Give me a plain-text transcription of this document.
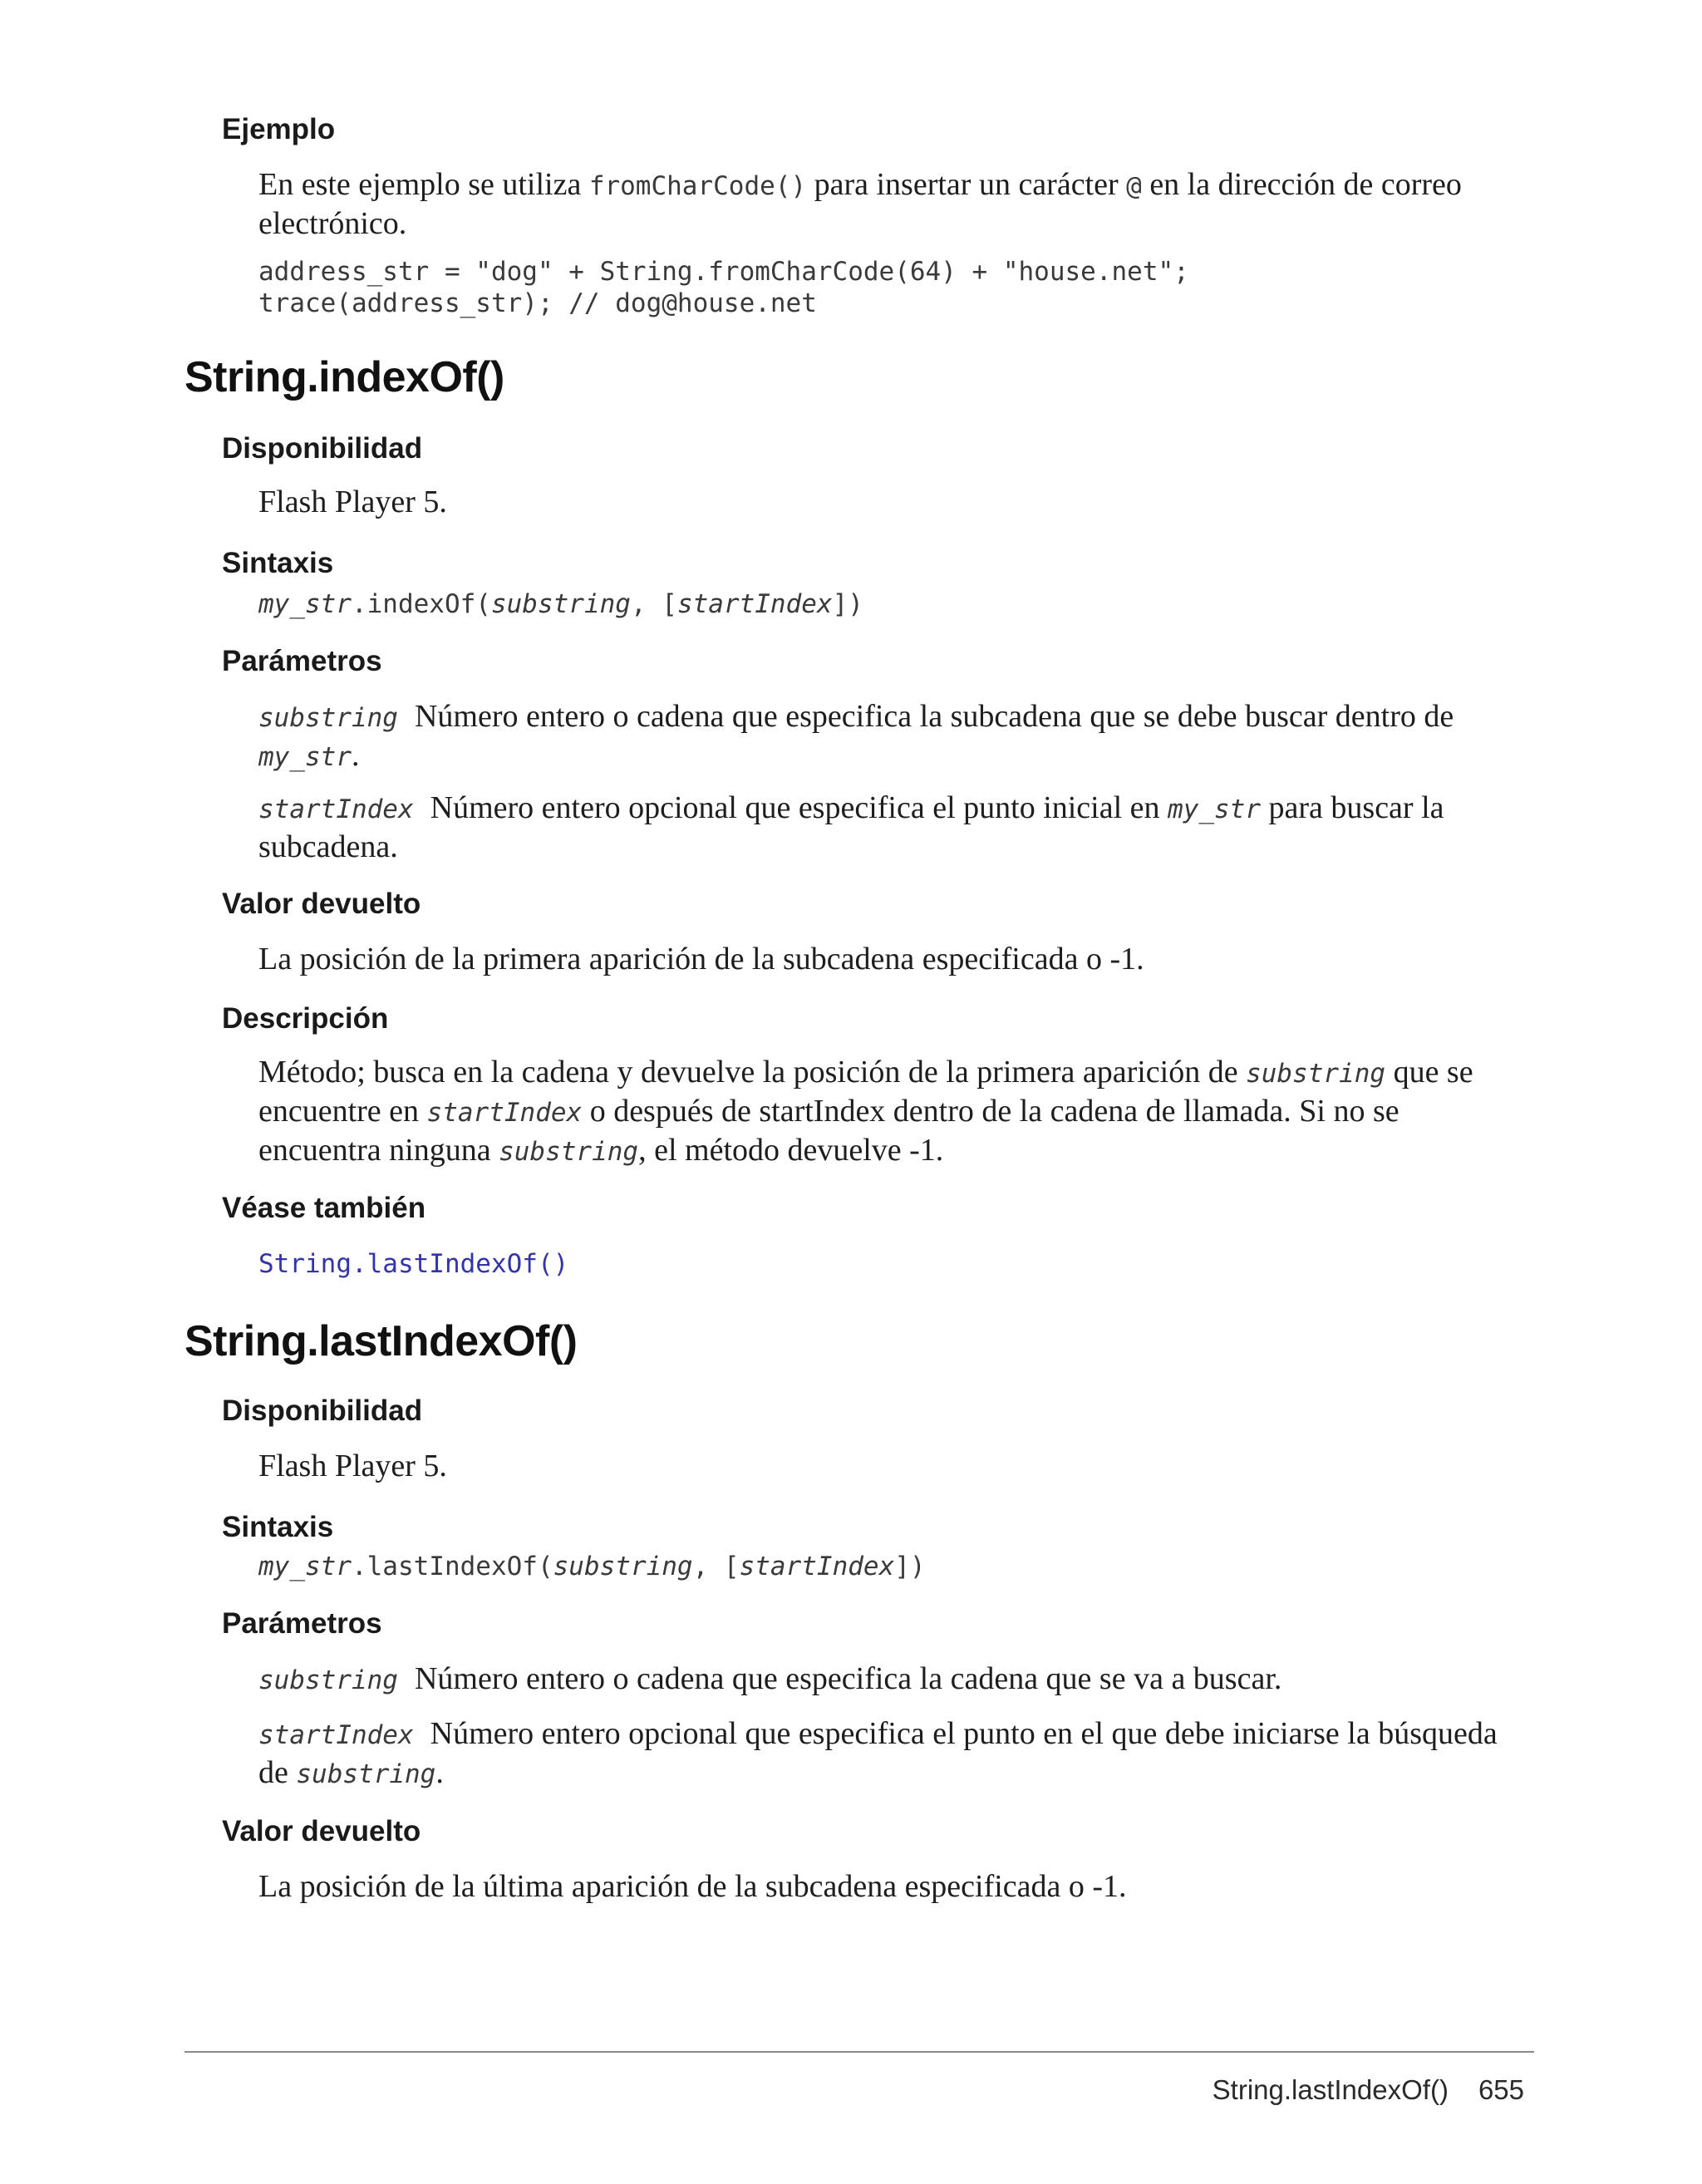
Ejemplo

En este ejemplo se utiliza fromCharCode() para insertar un carácter @ en la dirección de correo electrónico.

address_str = "dog" + String.fromCharCode(64) + "house.net";
trace(address_str); // dog@house.net
String.indexOf()
Disponibilidad

Flash Player 5.

Sintaxis
my_str.indexOf(substring, [startIndex])
Parámetros

substring Número entero o cadena que especifica la subcadena que se debe buscar dentro de my_str.

startIndex Número entero opcional que especifica el punto inicial en my_str para buscar la subcadena.

Valor devuelto

La posición de la primera aparición de la subcadena especificada o -1.

Descripción

Método; busca en la cadena y devuelve la posición de la primera aparición de substring que se encuentre en startIndex o después de startIndex dentro de la cadena de llamada. Si no se encuentra ninguna substring, el método devuelve -1.

Véase también
String.lastIndexOf()
String.lastIndexOf()
Disponibilidad

Flash Player 5.

Sintaxis
my_str.lastIndexOf(substring, [startIndex])
Parámetros

substring Número entero o cadena que especifica la cadena que se va a buscar.

startIndex Número entero opcional que especifica el punto en el que debe iniciarse la búsqueda de substring.

Valor devuelto

La posición de la última aparición de la subcadena especificada o -1.

String.lastIndexOf() 655
